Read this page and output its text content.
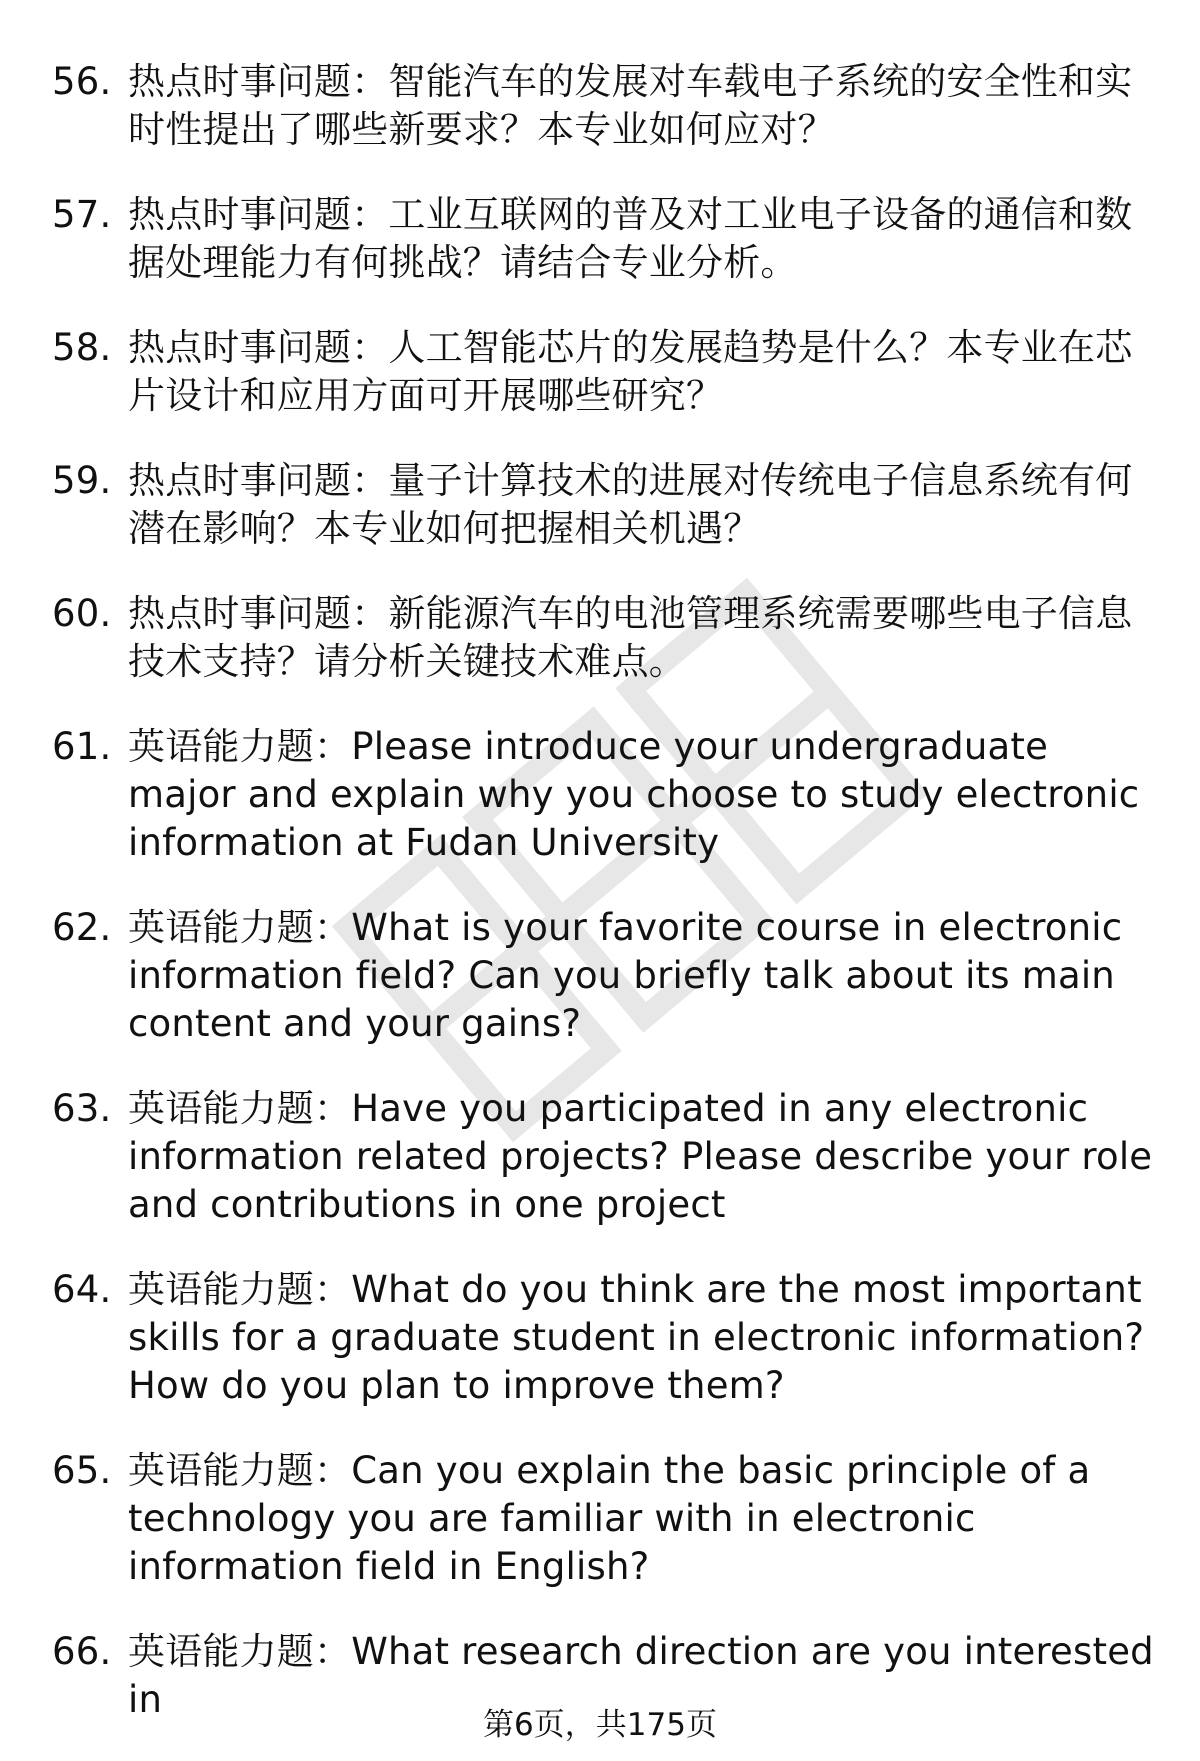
56. 热点时事问题：智能汽车的发展对车载电子系统的安全性和实时性提出了哪些新要求？本专业如何应对？
57. 热点时事问题：工业互联网的普及对工业电子设备的通信和数据处理能力有何挑战？请结合专业分析。
58. 热点时事问题：人工智能芯片的发展趋势是什么？本专业在芯片设计和应用方面可开展哪些研究？
59. 热点时事问题：量子计算技术的进展对传统电子信息系统有何潜在影响？本专业如何把握相关机遇？
60. 热点时事问题：新能源汽车的电池管理系统需要哪些电子信息技术支持？请分析关键技术难点。
61. 英语能力题：Please introduce your undergraduate major and explain why you choose to study electronic information at Fudan University
62. 英语能力题：What is your favorite course in electronic information field? Can you briefly talk about its main content and your gains?
63. 英语能力题：Have you participated in any electronic information related projects? Please describe your role and contributions in one project
64. 英语能力题：What do you think are the most important skills for a graduate student in electronic information? How do you plan to improve them?
65. 英语能力题：Can you explain the basic principle of a technology you are familiar with in electronic information field in English?
66. 英语能力题：What research direction are you interested in
第6页，共175页
